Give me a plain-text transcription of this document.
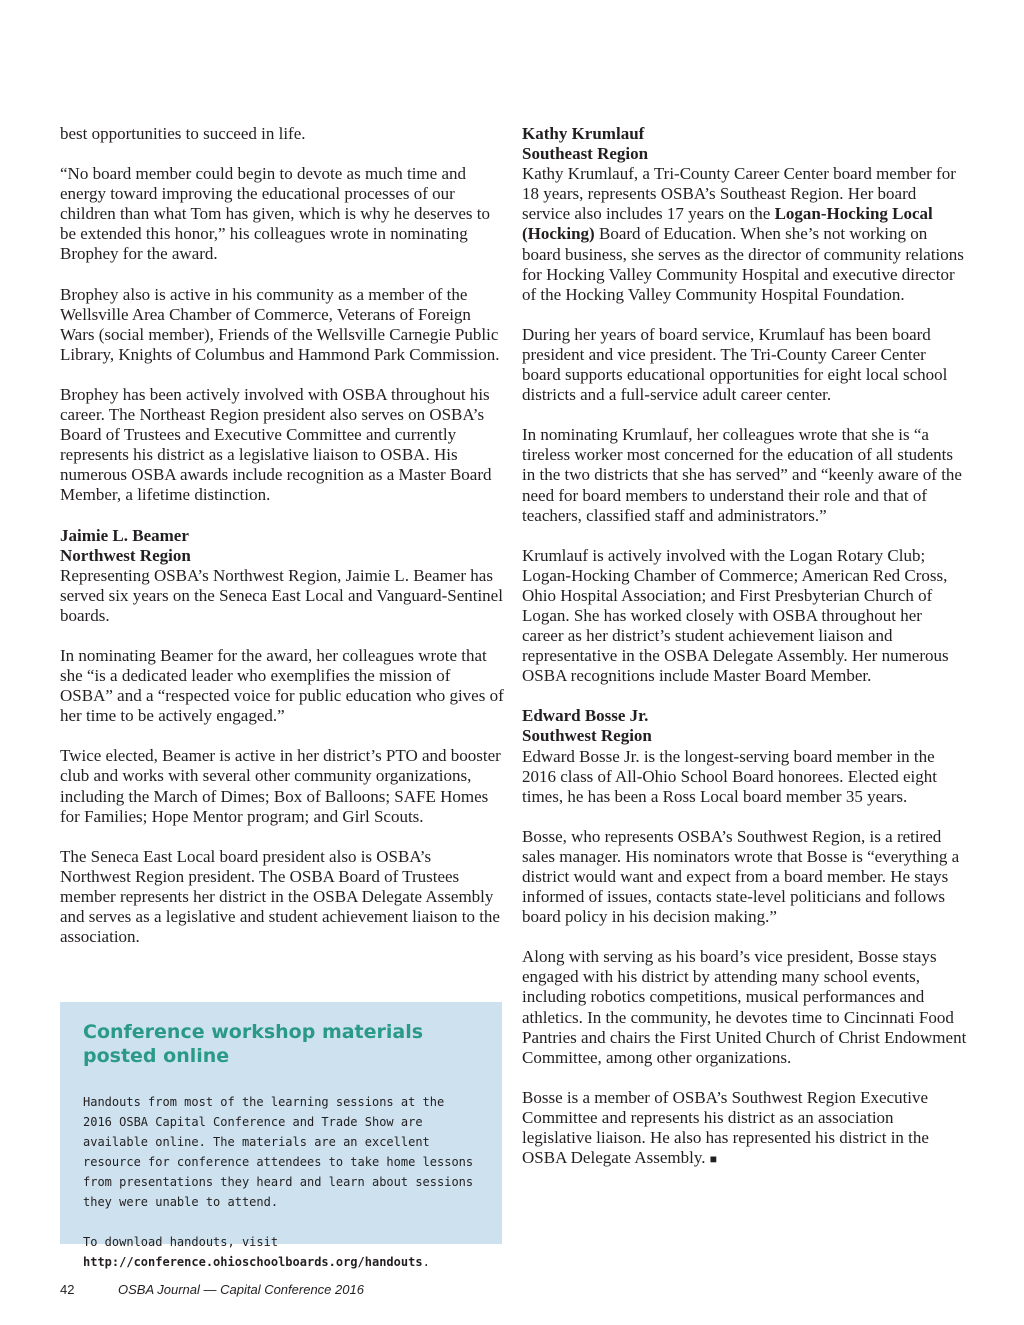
best opportunities to succeed in life.

“No board member could begin to devote as much time and energy toward improving the educational processes of our children than what Tom has given, which is why he deserves to be extended this honor,” his colleagues wrote in nominating Brophey for the award.

Brophey also is active in his community as a member of the Wellsville Area Chamber of Commerce, Veterans of Foreign Wars (social member), Friends of the Wellsville Carnegie Public Library, Knights of Columbus and Hammond Park Commission.

Brophey has been actively involved with OSBA throughout his career. The Northeast Region president also serves on OSBA’s Board of Trustees and Executive Committee and currently represents his district as a legislative liaison to OSBA. His numerous OSBA awards include recognition as a Master Board Member, a lifetime distinction.

Jaimie L. Beamer
Northwest Region

Representing OSBA’s Northwest Region, Jaimie L. Beamer has served six years on the Seneca East Local and Vanguard-Sentinel boards.

In nominating Beamer for the award, her colleagues wrote that she “is a dedicated leader who exemplifies the mission of OSBA” and a “respected voice for public education who gives of her time to be actively engaged.”

Twice elected, Beamer is active in her district’s PTO and booster club and works with several other community organizations, including the March of Dimes; Box of Balloons; SAFE Homes for Families; Hope Mentor program; and Girl Scouts.

The Seneca East Local board president also is OSBA’s Northwest Region president. The OSBA Board of Trustees member represents her district in the OSBA Delegate Assembly and serves as a legislative and student achievement liaison to the association.

Conference workshop materials posted online

Handouts from most of the learning sessions at the 2016 OSBA Capital Conference and Trade Show are available online. The materials are an excellent resource for conference attendees to take home lessons from presentations they heard and learn about sessions they were unable to attend.

To download handouts, visit http://conference.ohioschoolboards.org/handouts.

Kathy Krumlauf
Southeast Region

Kathy Krumlauf, a Tri-County Career Center board member for 18 years, represents OSBA’s Southeast Region. Her board service also includes 17 years on the Logan-Hocking Local (Hocking) Board of Education. When she’s not working on board business, she serves as the director of community relations for Hocking Valley Community Hospital and executive director of the Hocking Valley Community Hospital Foundation.

During her years of board service, Krumlauf has been board president and vice president. The Tri-County Career Center board supports educational opportunities for eight local school districts and a full-service adult career center.

In nominating Krumlauf, her colleagues wrote that she is “a tireless worker most concerned for the education of all students in the two districts that she has served” and “keenly aware of the need for board members to understand their role and that of teachers, classified staff and administrators.”

Krumlauf is actively involved with the Logan Rotary Club; Logan-Hocking Chamber of Commerce; American Red Cross, Ohio Hospital Association; and First Presbyterian Church of Logan. She has worked closely with OSBA throughout her career as her district’s student achievement liaison and representative in the OSBA Delegate Assembly. Her numerous OSBA recognitions include Master Board Member.

Edward Bosse Jr.
Southwest Region

Edward Bosse Jr. is the longest-serving board member in the 2016 class of All-Ohio School Board honorees. Elected eight times, he has been a Ross Local board member 35 years.

Bosse, who represents OSBA’s Southwest Region, is a retired sales manager. His nominators wrote that Bosse is “everything a district would want and expect from a board member. He stays informed of issues, contacts state-level politicians and follows board policy in his decision making.”

Along with serving as his board’s vice president, Bosse stays engaged with his district by attending many school events, including robotics competitions, musical performances and athletics. In the community, he devotes time to Cincinnati Food Pantries and chairs the First United Church of Christ Endowment Committee, among other organizations.

Bosse is a member of OSBA’s Southwest Region Executive Committee and represents his district as an association legislative liaison. He also has represented his district in the OSBA Delegate Assembly. ■

42	OSBA Journal — Capital Conference 2016
